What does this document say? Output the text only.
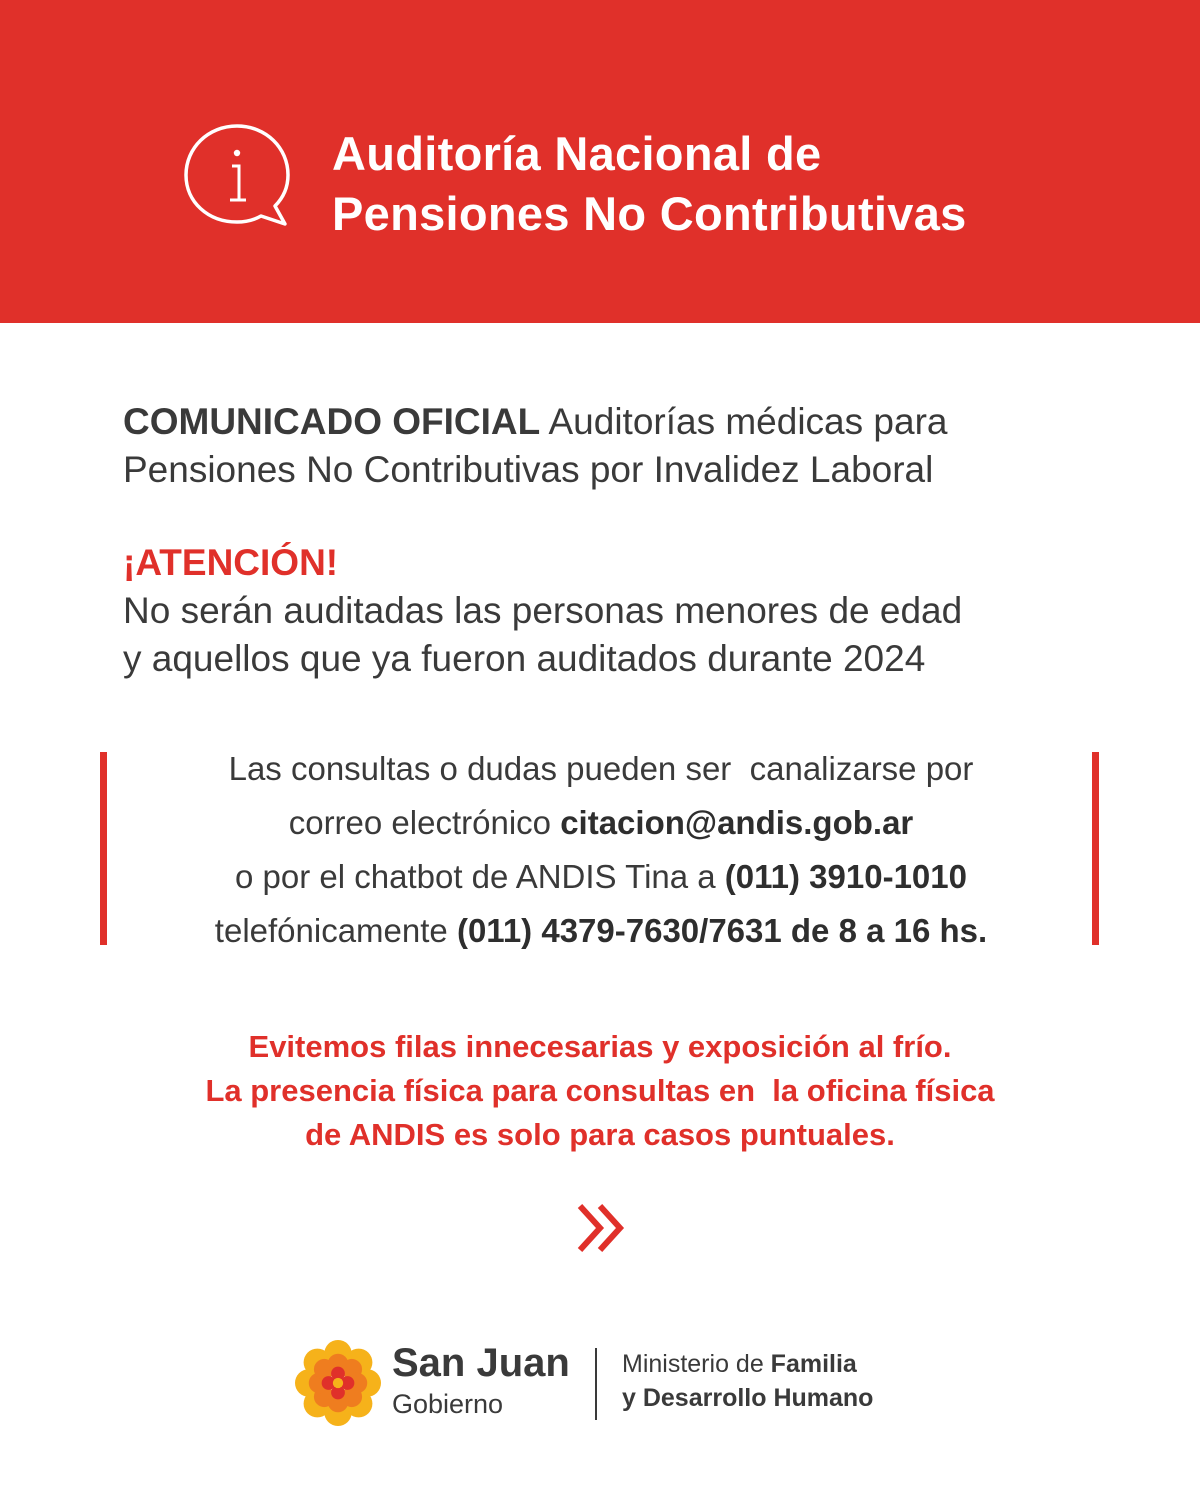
Auditoría Nacional de
Pensiones No Contributivas
COMUNICADO OFICIAL Auditorías médicas para
Pensiones No Contributivas por Invalidez Laboral
¡ATENCIÓN!
No serán auditadas las personas menores de edad
y aquellos que ya fueron auditados durante 2024
Las consultas o dudas pueden ser  canalizarse por
correo electrónico citacion@andis.gob.ar
o por el chatbot de ANDIS Tina a (011) 3910-1010
telefónicamente (011) 4379-7630/7631 de 8 a 16 hs.
Evitemos filas innecesarias y exposición al frío.
La presencia física para consultas en  la oficina física
de ANDIS es solo para casos puntuales.
San Juan
Gobierno
Ministerio de Familia
y Desarrollo Humano
